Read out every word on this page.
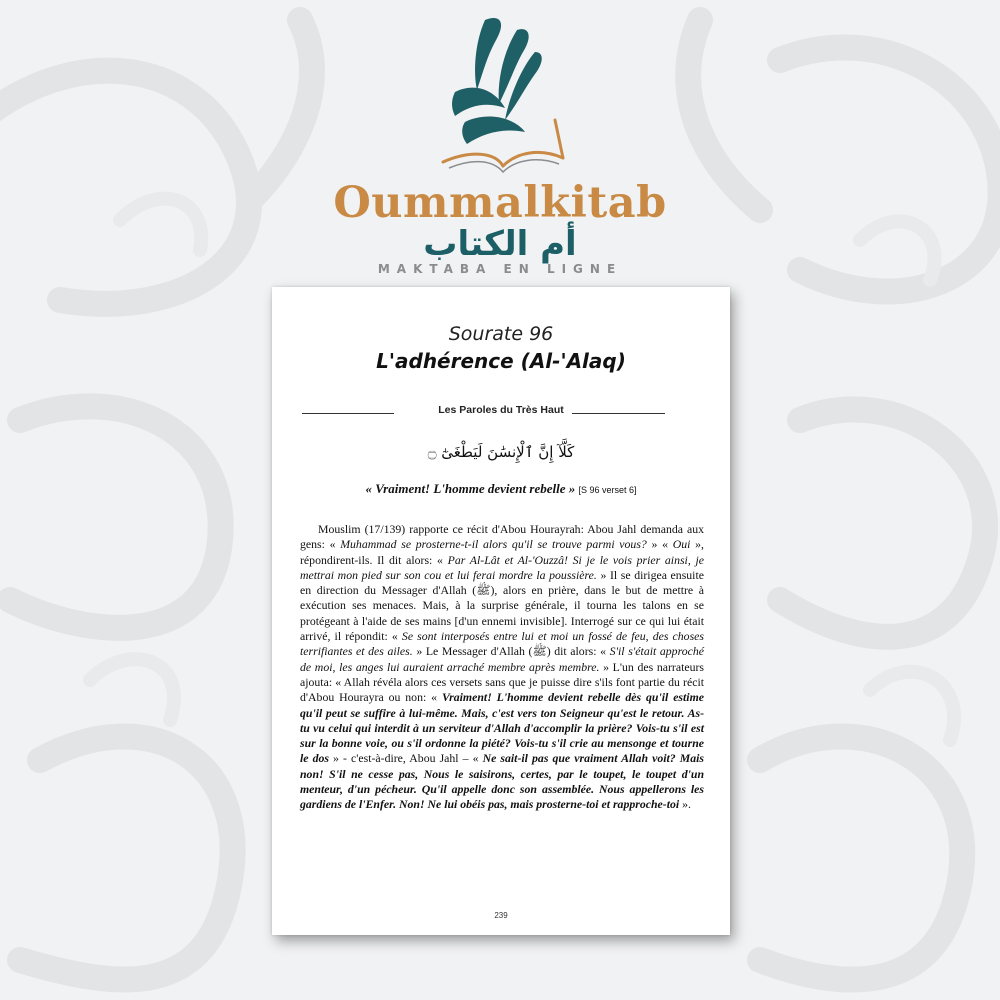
Oummalkitab
أم الكتاب
MAKTABA EN LIGNE
Sourate 96
L'adhérence (Al-'Alaq)
Les Paroles du Très Haut
كَلَّآ إِنَّ ٱلْإِنسَٰنَ لَيَطْغَىٰٓ ۝
« Vraiment! L'homme devient rebelle » [S 96 verset 6]

Mouslim (17/139) rapporte ce récit d'Abou Hourayrah: Abou Jahl demanda aux gens: « Muhammad se prosterne-t-il alors qu'il se trouve parmi vous? » « Oui », répondirent-ils. Il dit alors: « Par Al-Lât et Al-'Ouzzâ! Si je le vois prier ainsi, je mettrai mon pied sur son cou et lui ferai mordre la poussière. » Il se dirigea ensuite en direction du Messager d'Allah (ﷺ), alors en prière, dans le but de mettre à exécution ses menaces. Mais, à la surprise générale, il tourna les talons en se protégeant à l'aide de ses mains [d'un ennemi invisible]. Interrogé sur ce qui lui était arrivé, il répondit: « Se sont interposés entre lui et moi un fossé de feu, des choses terrifiantes et des ailes. » Le Messager d'Allah (ﷺ) dit alors: « S'il s'était approché de moi, les anges lui auraient arraché membre après membre. » L'un des narrateurs ajouta: « Allah révéla alors ces versets sans que je puisse dire s'ils font partie du récit d'Abou Hourayra ou non: « Vraiment! L'homme devient rebelle dès qu'il estime qu'il peut se suffire à lui-même. Mais, c'est vers ton Seigneur qu'est le retour. As-tu vu celui qui interdit à un serviteur d'Allah d'accomplir la prière? Vois-tu s'il est sur la bonne voie, ou s'il ordonne la piété? Vois-tu s'il crie au mensonge et tourne le dos » - c'est-à-dire, Abou Jahl – « Ne sait-il pas que vraiment Allah voit? Mais non! S'il ne cesse pas, Nous le saisirons, certes, par le toupet, le toupet d'un menteur, d'un pécheur. Qu'il appelle donc son assemblée. Nous appellerons les gardiens de l'Enfer. Non! Ne lui obéis pas, mais prosterne-toi et rapproche-toi ».

239
